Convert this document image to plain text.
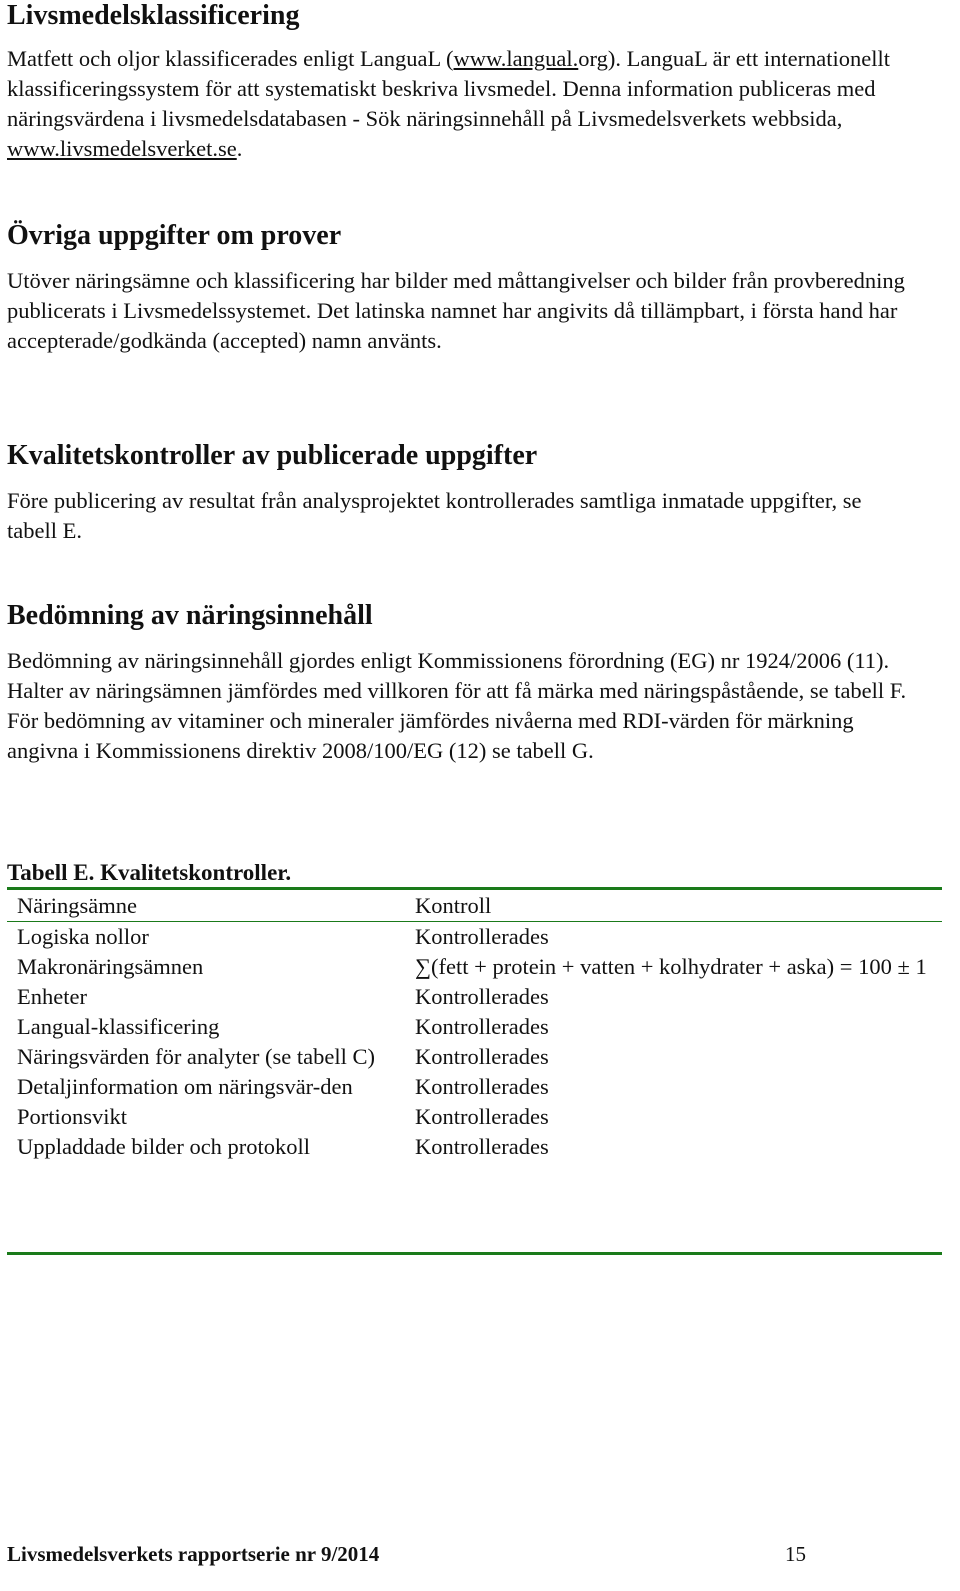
Livsmedelsklassificering

Matfett och oljor klassificerades enligt LanguaL (www.langual.org). LanguaL är ett internationellt klassificeringssystem för att systematiskt beskriva livsmedel. Denna information publiceras med näringsvärdena i livsmedelsdatabasen - Sök näringsinnehåll på Livsmedelsverkets webbsida, www.livsmedelsverket.se.

Övriga uppgifter om prover

Utöver näringsämne och klassificering har bilder med måttangivelser och bilder från provberedning publicerats i Livsmedelssystemet. Det latinska namnet har angivits då tillämpbart, i första hand har accepterade/godkända (accepted) namn använts.

Kvalitetskontroller av publicerade uppgifter

Före publicering av resultat från analysprojektet kontrollerades samtliga inmatade uppgifter, se tabell E.

Bedömning av näringsinnehåll

Bedömning av näringsinnehåll gjordes enligt Kommissionens förordning (EG) nr 1924/2006 (11). Halter av näringsämnen jämfördes med villkoren för att få märka med näringspåstående, se tabell F. För bedömning av vitaminer och mineraler jämfördes nivåerna med RDI-värden för märkning angivna i Kommissionens direktiv 2008/100/EG (12) se tabell G.

Tabell E. Kvalitetskontroller.

Näringsämne	Kontroll
Logiska nollor	Kontrollerades
Makronäringsämnen	∑(fett + protein + vatten + kolhydrater + aska) = 100 ± 1
Enheter	Kontrollerades
Langual-klassificering	Kontrollerades
Näringsvärden för analyter (se tabell C)	Kontrollerades
Detaljinformation om näringsvär-den	Kontrollerades
Portionsvikt	Kontrollerades
Uppladdade bilder och protokoll	Kontrollerades
Livsmedelsverkets rapportserie nr 9/2014	15
